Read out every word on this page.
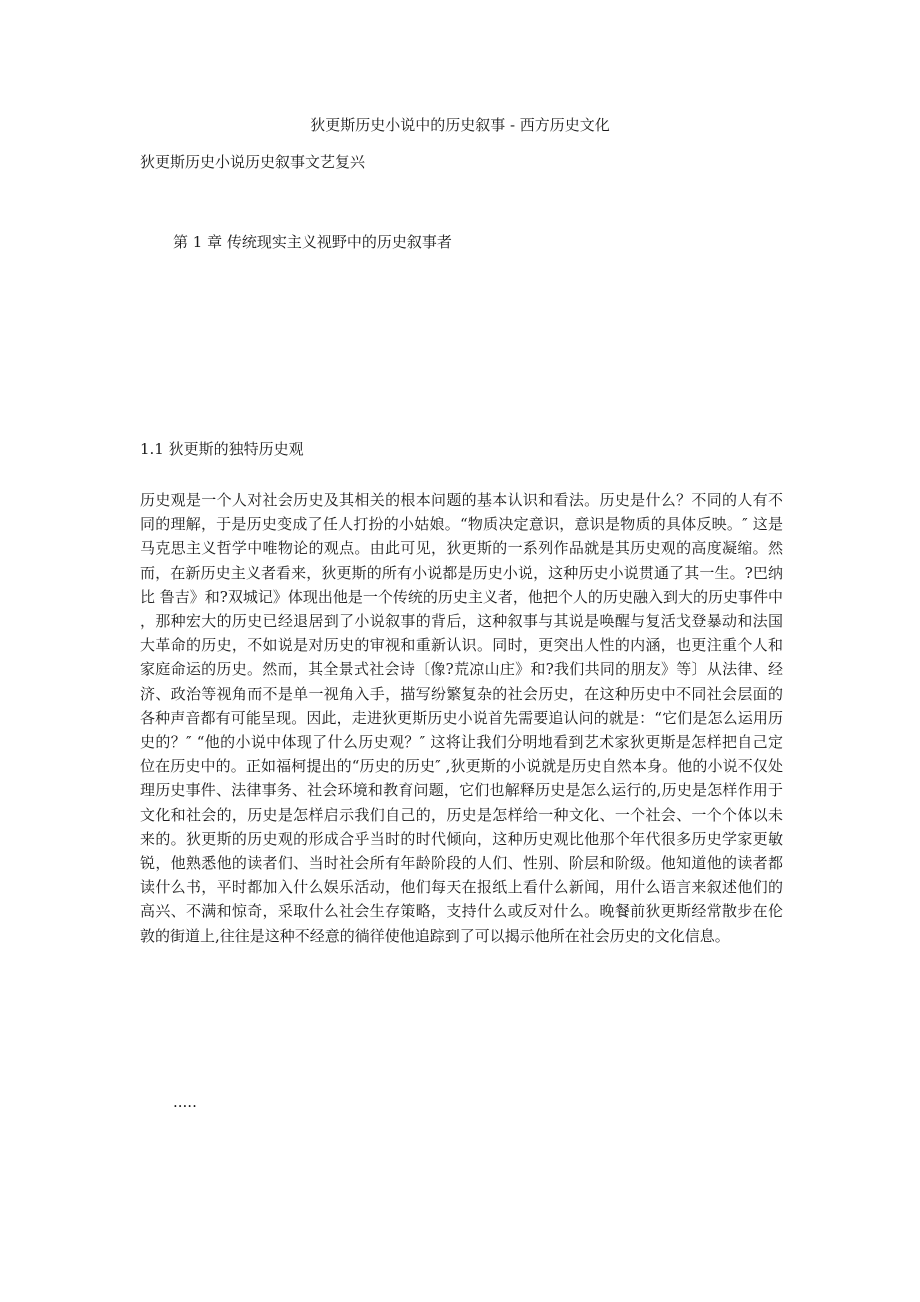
狄更斯历史小说中的历史叙事 - 西方历史文化
狄更斯历史小说历史叙事文艺复兴
第 1 章 传统现实主义视野中的历史叙事者
1.1 狄更斯的独特历史观
历史观是一个人对社会历史及其相关的根本问题的基本认识和看法。历史是什么？不同的人有不同的理解，于是历史变成了任人打扮的小姑娘。“物质决定意识，意识是物质的具体反映。″ 这是马克思主义哲学中唯物论的观点。由此可见，狄更斯的一系列作品就是其历史观的高度凝缩。然而，在新历史主义者看来，狄更斯的所有小说都是历史小说，这种历史小说贯通了其一生。?巴纳比 鲁吉》和?双城记》体现出他是一个传统的历史主义者，他把个人的历史融入到大的历史事件中，那种宏大的历史已经退居到了小说叙事的背后，这种叙事与其说是唤醒与复活戈登暴动和法国大革命的历史，不如说是对历史的审视和重新认识。同时，更突出人性的内涵，也更注重个人和家庭命运的历史。然而，其全景式社会诗〔像?荒凉山庄》和?我们共同的朋友》等〕从法律、经济、政治等视角而不是单一视角入手，描写纷繁复杂的社会历史，在这种历史中不同社会层面的各种声音都有可能呈现。因此，走进狄更斯历史小说首先需要追认问的就是：“它们是怎么运用历史的？″ “他的小说中体现了什么历史观？″ 这将让我们分明地看到艺术家狄更斯是怎样把自己定位在历史中的。正如福柯提出的“历史的历史″ ,狄更斯的小说就是历史自然本身。他的小说不仅处理历史事件、法律事务、社会环境和教育问题，它们也解释历史是怎么运行的,历史是怎样作用于文化和社会的，历史是怎样启示我们自己的，历史是怎样给一种文化、一个社会、一个个体以未来的。狄更斯的历史观的形成合乎当时的时代倾向，这种历史观比他那个年代很多历史学家更敏锐，他熟悉他的读者们、当时社会所有年龄阶段的人们、性别、阶层和阶级。他知道他的读者都读什么书，平时都加入什么娱乐活动，他们每天在报纸上看什么新闻，用什么语言来叙述他们的高兴、不满和惊奇，采取什么社会生存策略，支持什么或反对什么。晚餐前狄更斯经常散步在伦敦的街道上,往往是这种不经意的徜徉使他追踪到了可以揭示他所在社会历史的文化信息。
.....
